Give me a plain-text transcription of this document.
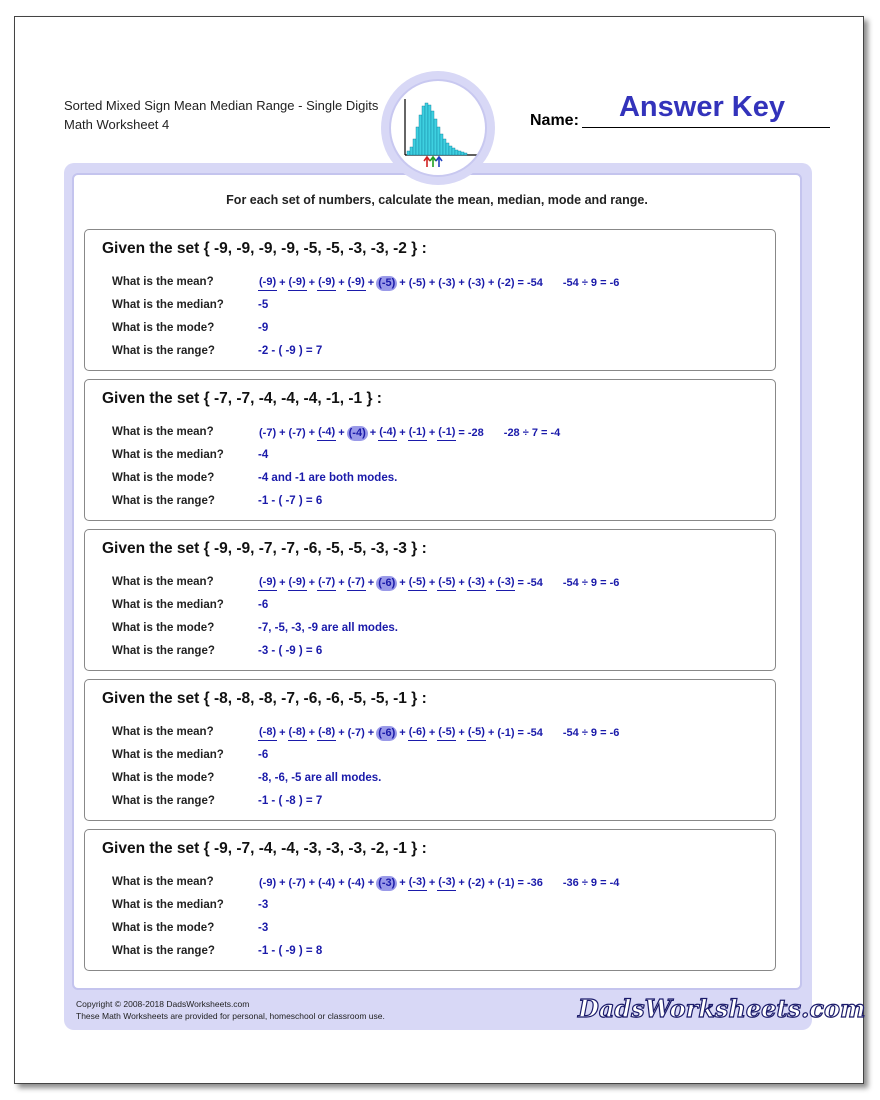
Sorted Mixed Sign Mean Median Range - Single Digits
Math Worksheet 4
Answer Key
Name:
For each set of numbers, calculate the mean, median, mode and range.
Given the set { -9, -9, -9, -9, -5, -5, -3, -3, -2 } :
What is the mean?
What is the median?
What is the mode?
What is the range?
(-9) + (-9) + (-9) + (-9) + (-5) + (-5) + (-3) + (-3) + (-2) = -54 -54 ÷ 9 = -6
-5
-9
-2 - ( -9 ) = 7
Given the set { -7, -7, -4, -4, -4, -1, -1 } :
What is the mean?
What is the median?
What is the mode?
What is the range?
(-7) + (-7) + (-4) + (-4) + (-4) + (-1) + (-1) = -28 -28 ÷ 7 = -4
-4
-4 and -1 are both modes.
-1 - ( -7 ) = 6
Given the set { -9, -9, -7, -7, -6, -5, -5, -3, -3 } :
What is the mean?
What is the median?
What is the mode?
What is the range?
(-9) + (-9) + (-7) + (-7) + (-6) + (-5) + (-5) + (-3) + (-3) = -54 -54 ÷ 9 = -6
-6
-7, -5, -3, -9 are all modes.
-3 - ( -9 ) = 6
Given the set { -8, -8, -8, -7, -6, -6, -5, -5, -1 } :
What is the mean?
What is the median?
What is the mode?
What is the range?
(-8) + (-8) + (-8) + (-7) + (-6) + (-6) + (-5) + (-5) + (-1) = -54 -54 ÷ 9 = -6
-6
-8, -6, -5 are all modes.
-1 - ( -8 ) = 7
Given the set { -9, -7, -4, -4, -3, -3, -3, -2, -1 } :
What is the mean?
What is the median?
What is the mode?
What is the range?
(-9) + (-7) + (-4) + (-4) + (-3) + (-3) + (-3) + (-2) + (-1) = -36 -36 ÷ 9 = -4
-3
-3
-1 - ( -9 ) = 8
Copyright © 2008-2018 DadsWorksheets.com
These Math Worksheets are provided for personal, homeschool or classroom use.	DadsWorksheets.com
